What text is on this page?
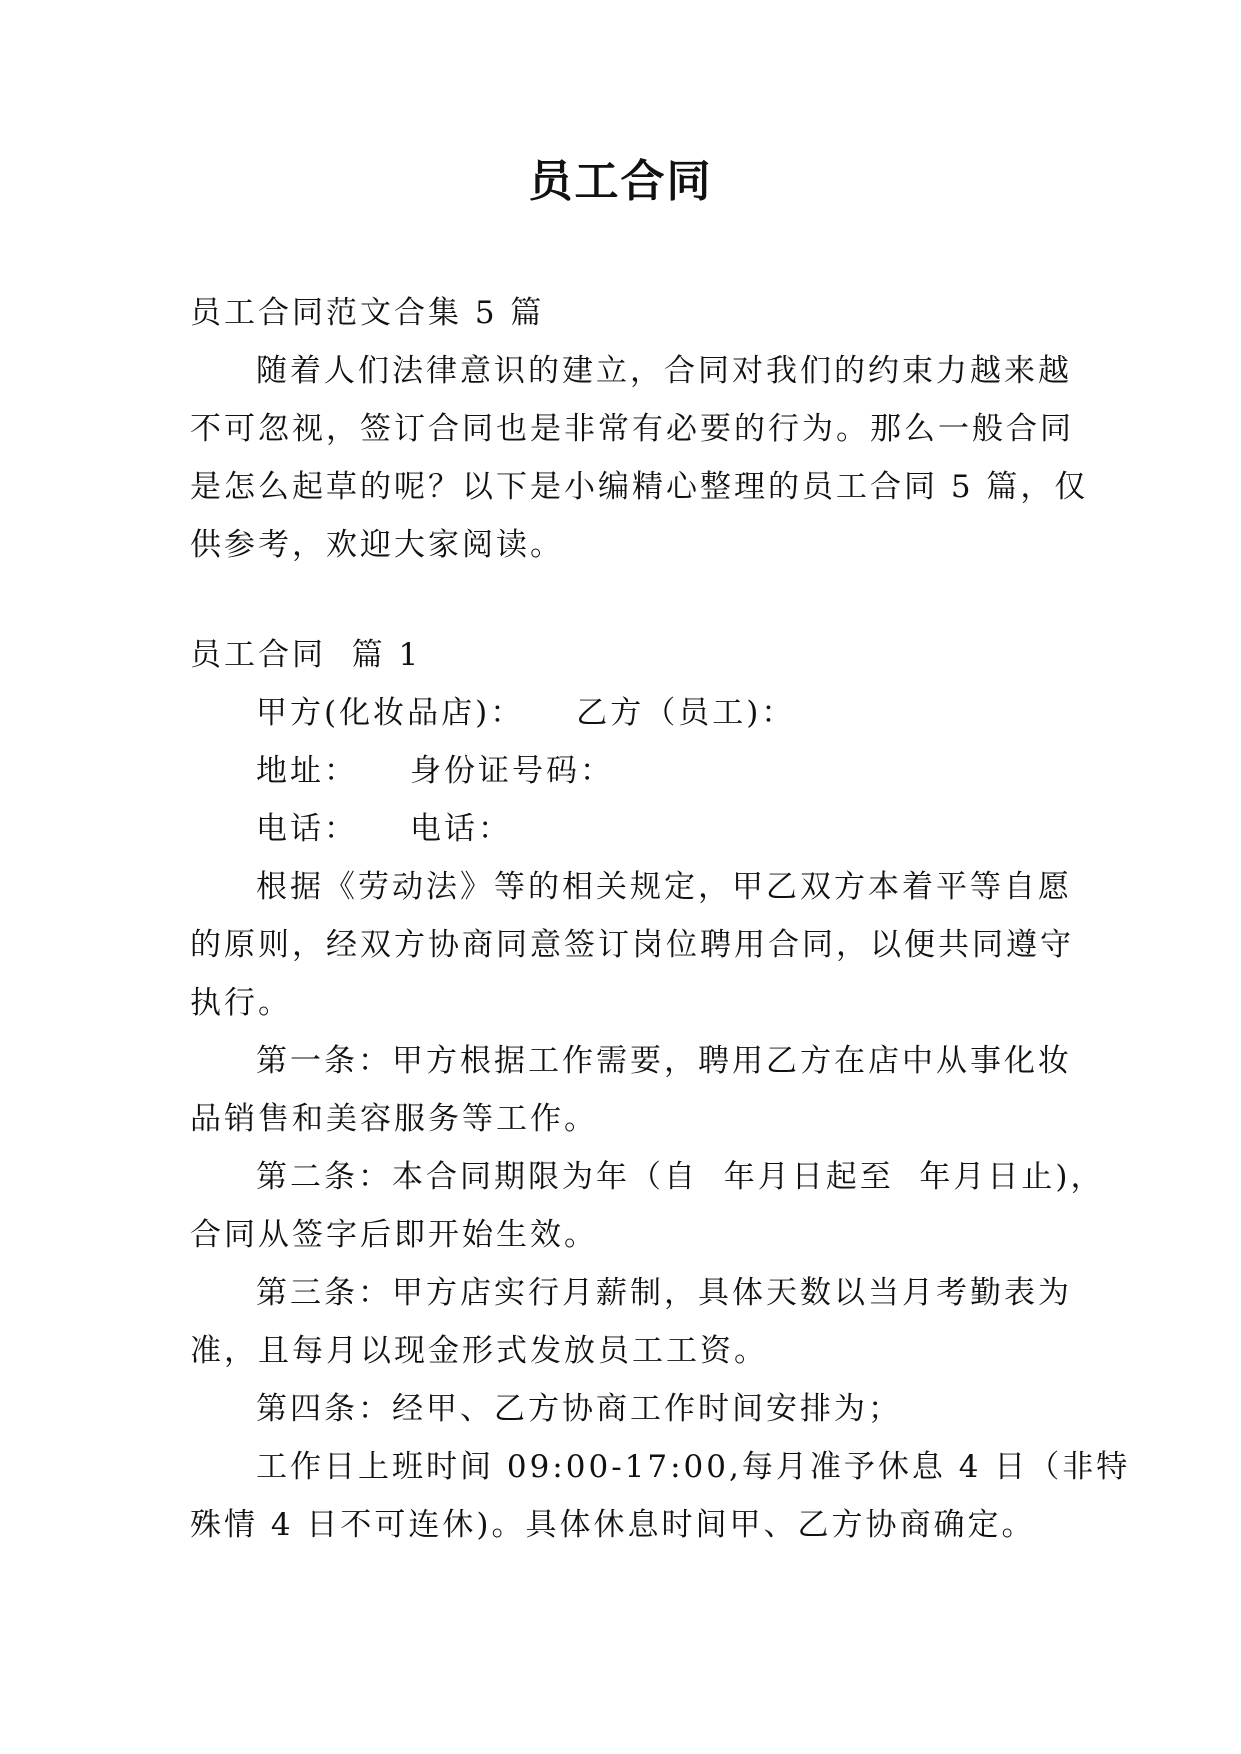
员工合同
员工合同范文合集 5 篇
随着人们法律意识的建立，合同对我们的约束力越来越
不可忽视，签订合同也是非常有必要的行为。那么一般合同
是怎么起草的呢？以下是小编精心整理的员工合同 5 篇，仅
供参考，欢迎大家阅读。
员工合同  篇 1
甲方(化妆品店)： 乙方（员工)：
地址： 身份证号码：
电话： 电话：
根据《劳动法》等的相关规定，甲乙双方本着平等自愿
的原则，经双方协商同意签订岗位聘用合同，以便共同遵守
执行。
第一条：甲方根据工作需要，聘用乙方在店中从事化妆
品销售和美容服务等工作。
第二条：本合同期限为年（自  年月日起至  年月日止)，
合同从签字后即开始生效。
第三条：甲方店实行月薪制，具体天数以当月考勤表为
准，且每月以现金形式发放员工工资。
第四条：经甲、乙方协商工作时间安排为；
工作日上班时间 09:00-17:00,每月准予休息 4 日（非特
殊情 4 日不可连休)。具体休息时间甲、乙方协商确定。
